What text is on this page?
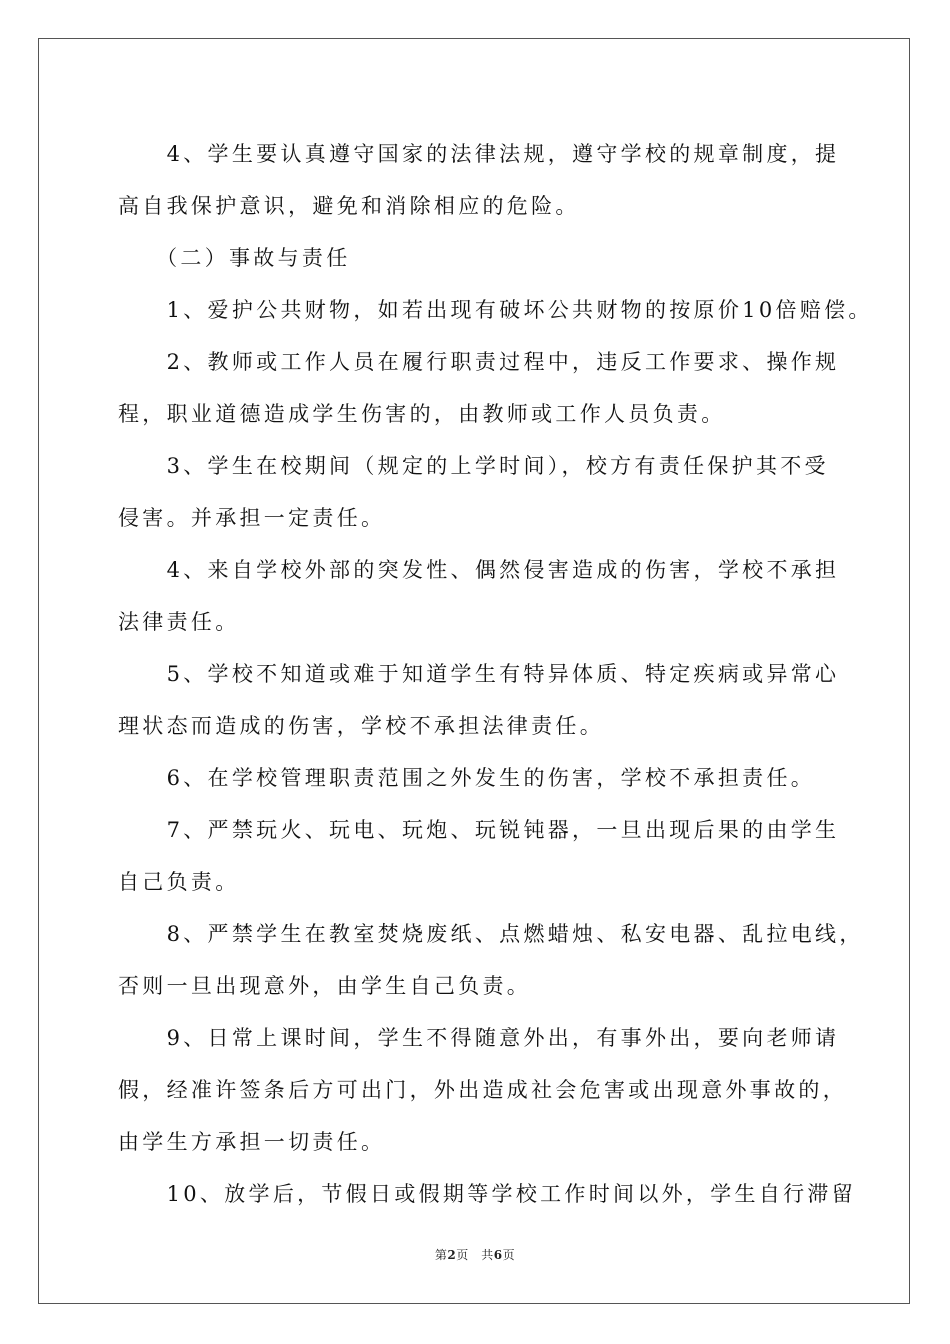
　　4、学生要认真遵守国家的法律法规，遵守学校的规章制度，提

高自我保护意识，避免和消除相应的危险。

　　（二）事故与责任

　　1、爱护公共财物，如若出现有破坏公共财物的按原价10倍赔偿。

　　2、教师或工作人员在履行职责过程中，违反工作要求、操作规

程，职业道德造成学生伤害的，由教师或工作人员负责。

　　3、学生在校期间（规定的上学时间），校方有责任保护其不受

侵害。并承担一定责任。

　　4、来自学校外部的突发性、偶然侵害造成的伤害，学校不承担

法律责任。

　　5、学校不知道或难于知道学生有特异体质、特定疾病或异常心

理状态而造成的伤害，学校不承担法律责任。

　　6、在学校管理职责范围之外发生的伤害，学校不承担责任。

　　7、严禁玩火、玩电、玩炮、玩锐钝器，一旦出现后果的由学生

自己负责。

　　8、严禁学生在教室焚烧废纸、点燃蜡烛、私安电器、乱拉电线，

否则一旦出现意外，由学生自己负责。

　　9、日常上课时间，学生不得随意外出，有事外出，要向老师请

假，经准许签条后方可出门，外出造成社会危害或出现意外事故的，

由学生方承担一切责任。

　　10、放学后，节假日或假期等学校工作时间以外，学生自行滞留

第2页　共6页
